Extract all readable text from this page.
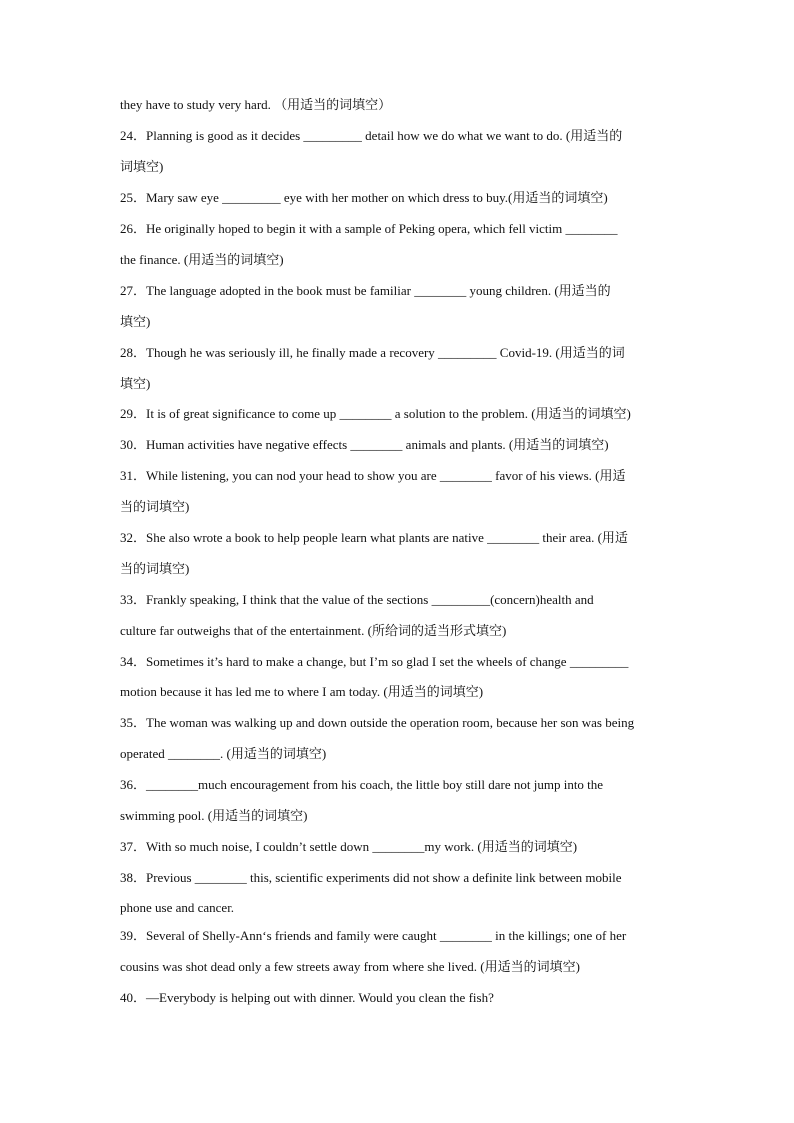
they have to study very hard. （用适当的词填空）
24．Planning is good as it decides _________ detail how we do what we want to do. (用适当的
词填空)
25．Mary saw eye _________ eye with her mother on which dress to buy.(用适当的词填空)
26．He originally hoped to begin it with a sample of Peking opera, which fell victim ________
the finance. (用适当的词填空)
27．The language adopted in the book must be familiar ________ young children. (用适当的
填空)
28．Though he was seriously ill, he finally made a recovery _________ Covid-19. (用适当的词
填空)
29．It is of great significance to come up ________ a solution to the problem. (用适当的词填空)
30．Human activities have negative effects ________ animals and plants. (用适当的词填空)
31．While listening, you can nod your head to show you are ________ favor of his views. (用适
当的词填空)
32．She also wrote a book to help people learn what plants are native ________ their area. (用适
当的词填空)
33．Frankly speaking, I think that the value of the sections _________(concern)health and
culture far outweighs that of the entertainment. (所给词的适当形式填空)
34．Sometimes it’s hard to make a change, but I’m so glad I set the wheels of change _________
motion because it has led me to where I am today. (用适当的词填空)
35．The woman was walking up and down outside the operation room, because her son was being
operated ________. (用适当的词填空)
36．________much encouragement from his coach, the little boy still dare not jump into the
swimming pool. (用适当的词填空)
37．With so much noise, I couldn’t settle down ________my work. (用适当的词填空)
38．Previous ________ this, scientific experiments did not show a definite link between mobile
phone use and cancer.
39．Several of Shelly-Ann‘s friends and family were caught ________ in the killings; one of her
cousins was shot dead only a few streets away from where she lived. (用适当的词填空)
40．—Everybody is helping out with dinner. Would you clean the fish?
